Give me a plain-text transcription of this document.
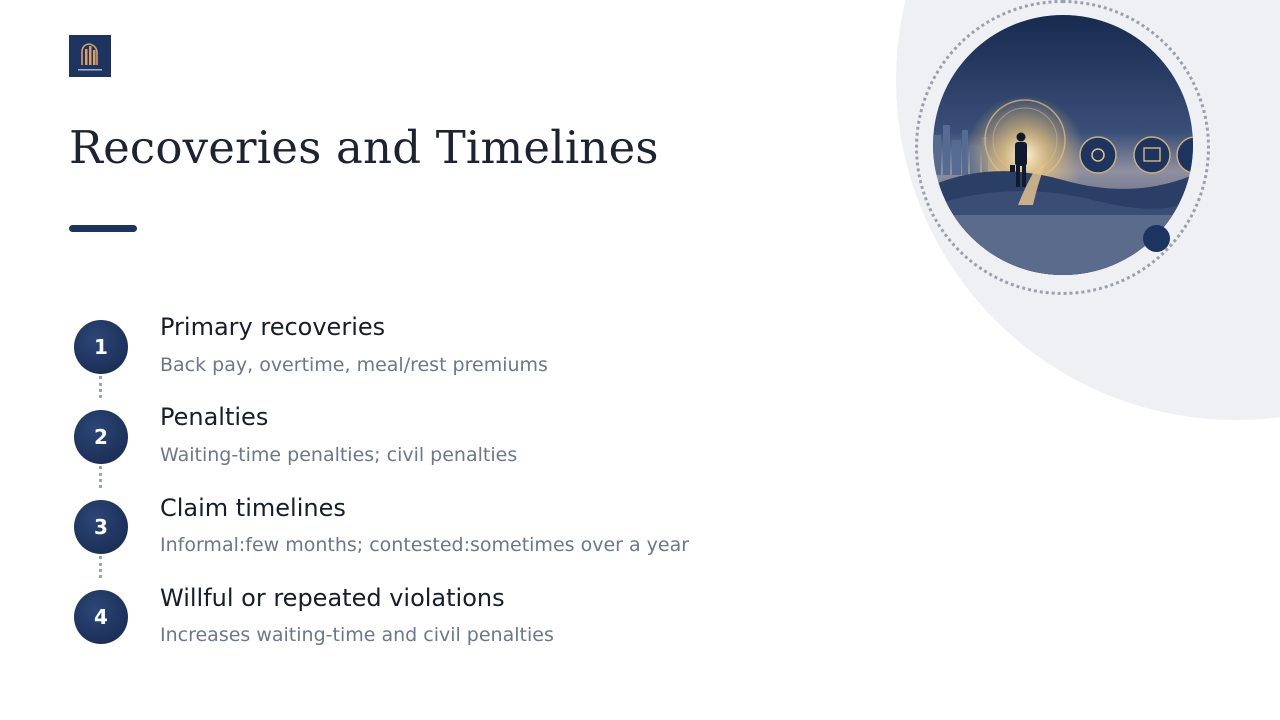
Recoveries and Timelines
1
Primary recoveries

Back pay, overtime, meal/rest premiums

2
Penalties

Waiting-time penalties; civil penalties

3
Claim timelines

Informal:few months; contested:sometimes over a year

4
Willful or repeated violations

Increases waiting-time and civil penalties
